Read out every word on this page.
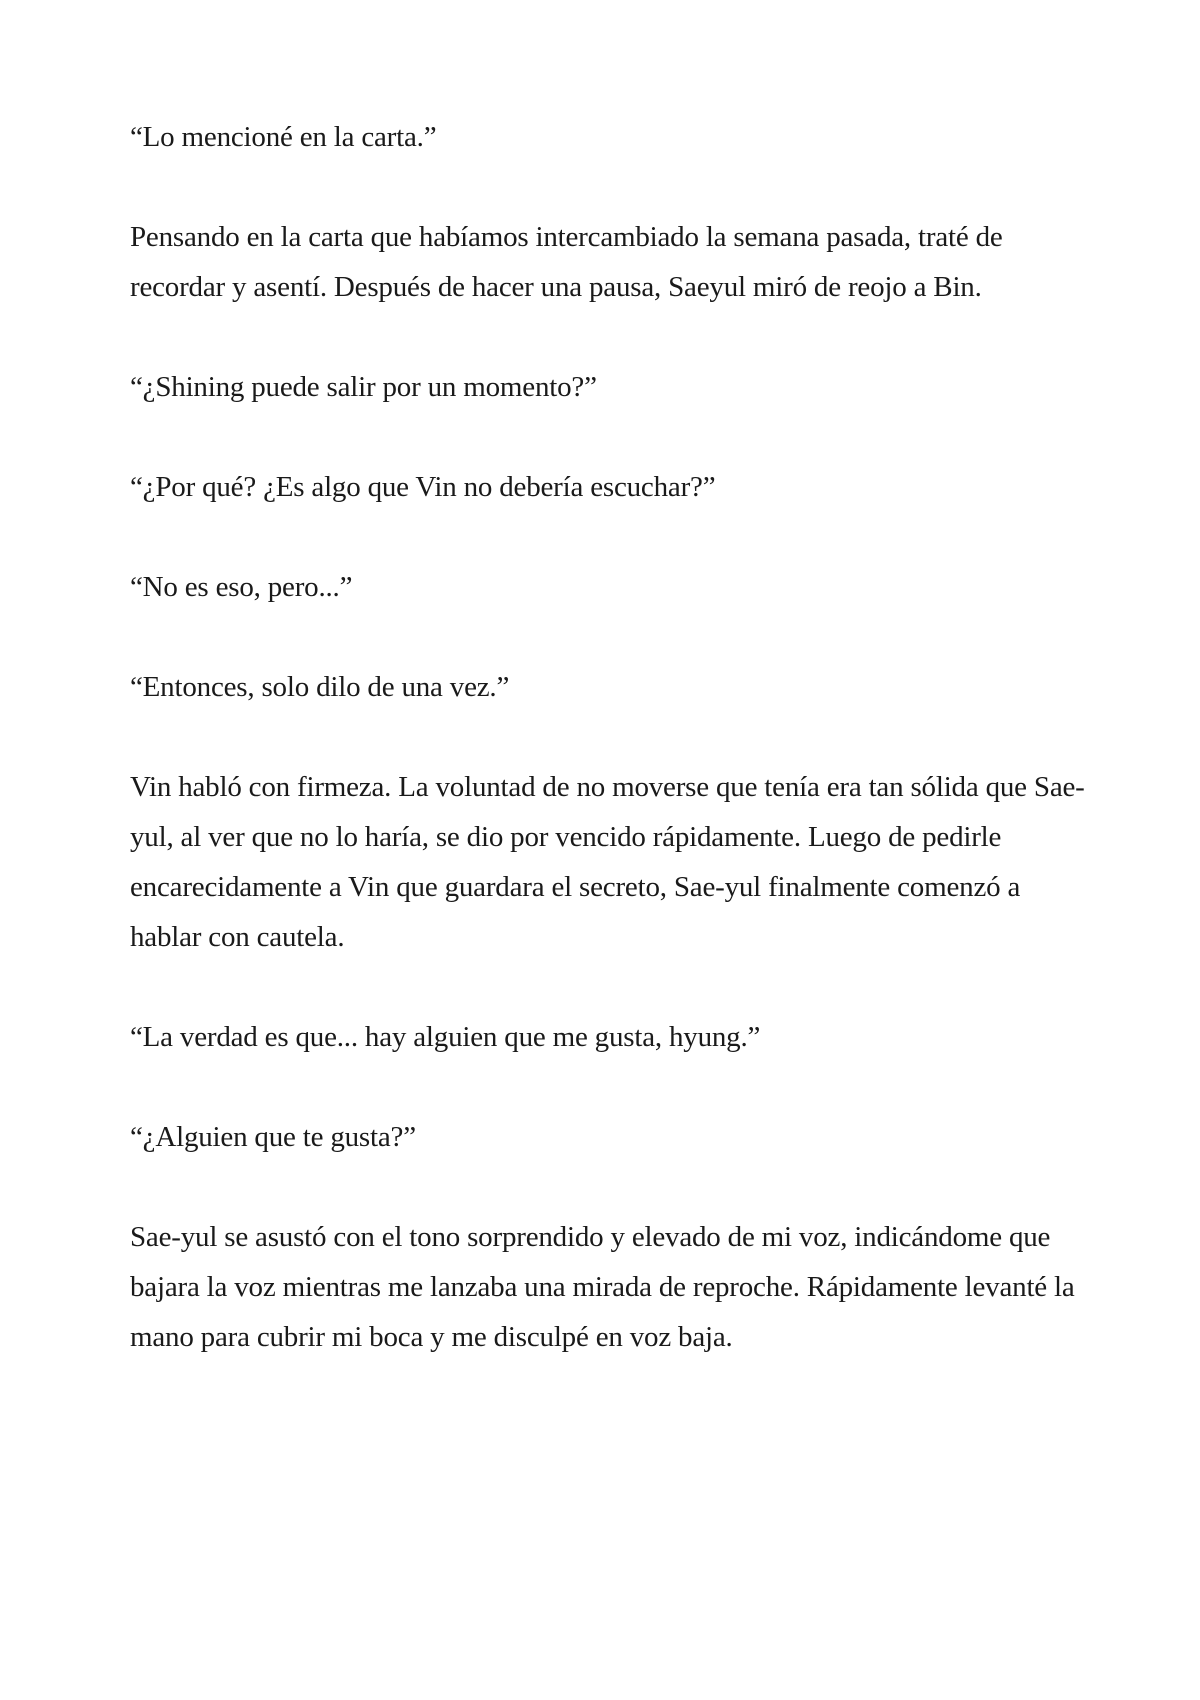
“Lo mencioné en la carta.”

Pensando en la carta que habíamos intercambiado la semana pasada, traté de recordar y asentí. Después de hacer una pausa, Saeyul miró de reojo a Bin.

“¿Shining puede salir por un momento?”

“¿Por qué? ¿Es algo que Vin no debería escuchar?”

“No es eso, pero...”

“Entonces, solo dilo de una vez.”

Vin habló con firmeza. La voluntad de no moverse que tenía era tan sólida que Sae-yul, al ver que no lo haría, se dio por vencido rápidamente. Luego de pedirle encarecidamente a Vin que guardara el secreto, Sae-yul finalmente comenzó a hablar con cautela.

“La verdad es que... hay alguien que me gusta, hyung.”

“¿Alguien que te gusta?”

Sae-yul se asustó con el tono sorprendido y elevado de mi voz, indicándome que bajara la voz mientras me lanzaba una mirada de reproche. Rápidamente levanté la mano para cubrir mi boca y me disculpé en voz baja.
